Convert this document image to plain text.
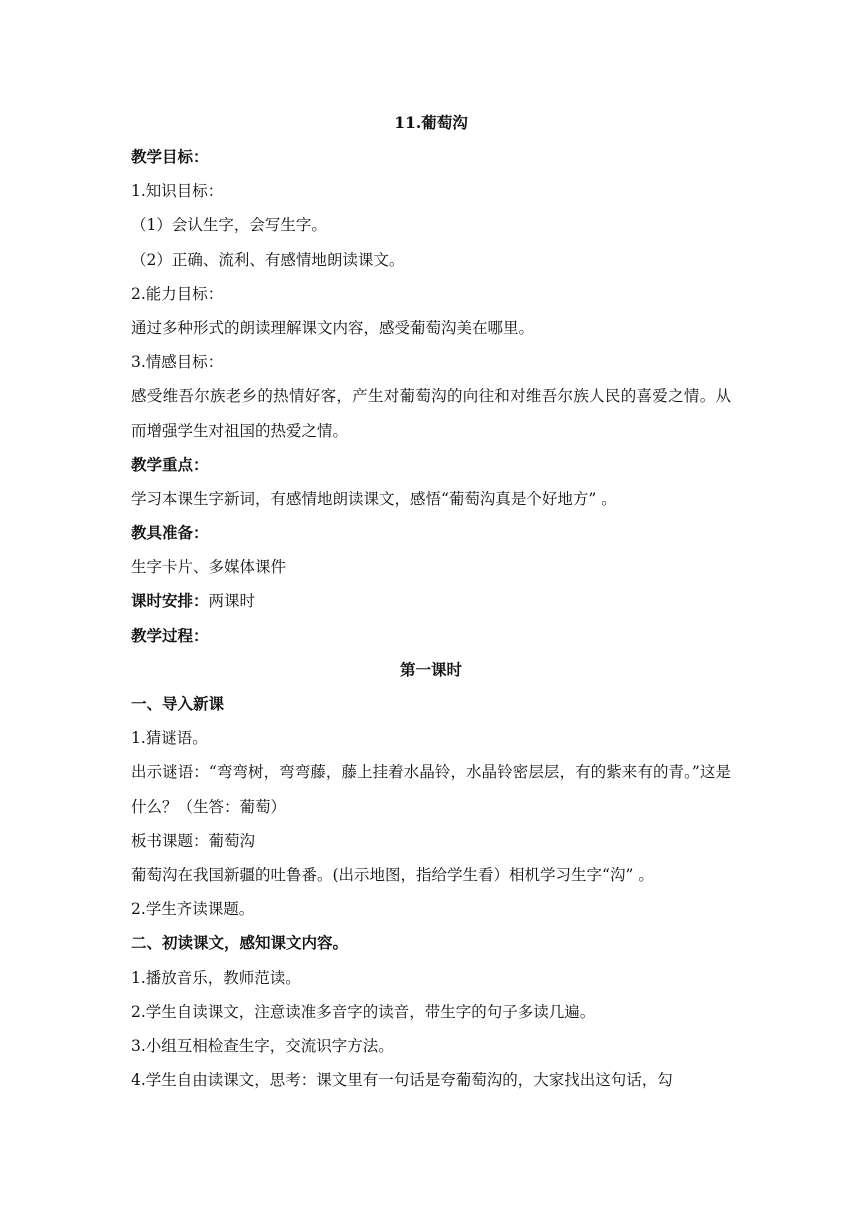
11.葡萄沟
教学目标：
1.知识目标：
（1）会认生字，会写生字。
（2）正确、流利、有感情地朗读课文。
2.能力目标：
通过多种形式的朗读理解课文内容，感受葡萄沟美在哪里。
3.情感目标：
感受维吾尔族老乡的热情好客，产生对葡萄沟的向往和对维吾尔族人民的喜爱之情。从而增强学生对祖国的热爱之情。
教学重点：
学习本课生字新词，有感情地朗读课文，感悟“葡萄沟真是个好地方” 。
教具准备：
生字卡片、多媒体课件
课时安排：两课时
教学过程：
第一课时
一、导入新课
1.猜谜语。
出示谜语：“弯弯树，弯弯藤，藤上挂着水晶铃，水晶铃密层层，有的紫来有的青。”这是什么？（生答：葡萄）
板书课题：葡萄沟
葡萄沟在我国新疆的吐鲁番。(出示地图，指给学生看）相机学习生字“沟” 。
2.学生齐读课题。
二、初读课文，感知课文内容。
1.播放音乐，教师范读。
2.学生自读课文，注意读准多音字的读音，带生字的句子多读几遍。
3.小组互相检查生字，交流识字方法。
4.学生自由读课文，思考：课文里有一句话是夸葡萄沟的，大家找出这句话，勾
